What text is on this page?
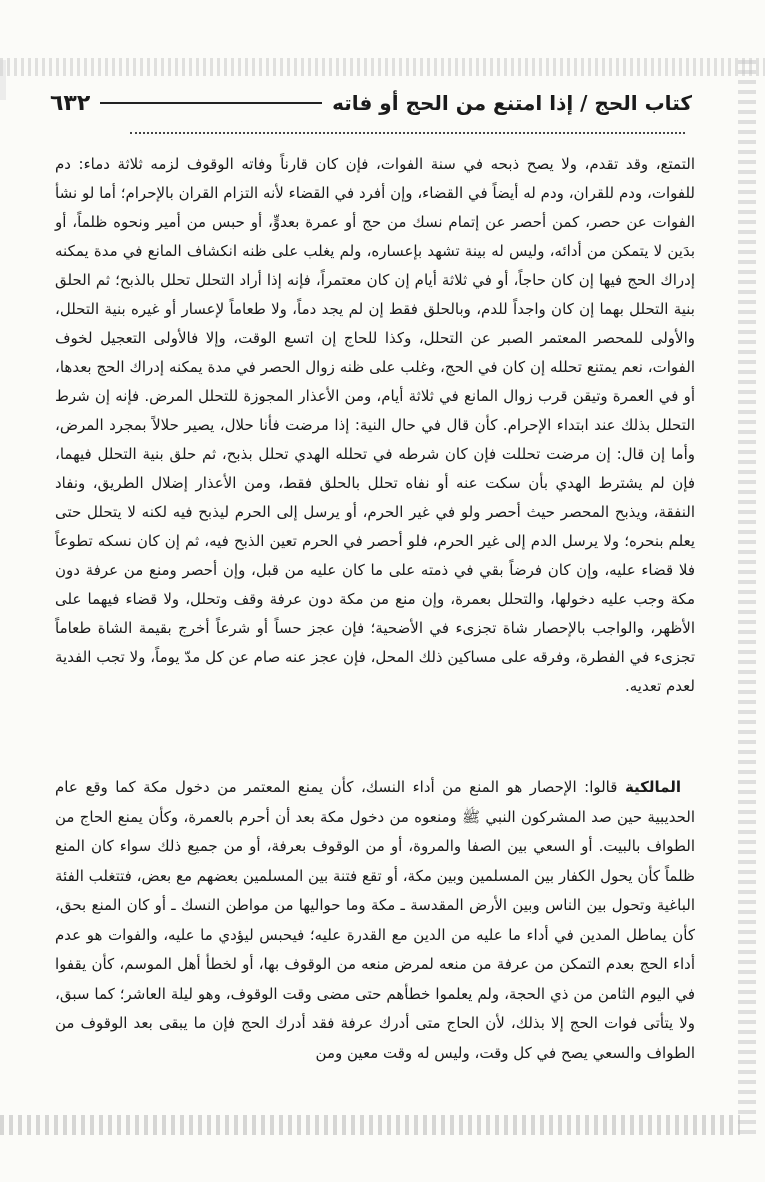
كتاب الحج / إذا امتنع من الحج أو فاته
٦٣٢
التمتع، وقد تقدم، ولا يصح ذبحه في سنة الفوات، فإن كان قارناً وفاته الوقوف لزمه ثلاثة دماء: دم للفوات، ودم للقران، ودم له أيضاً في القضاء، وإن أفرد في القضاء لأنه التزام القران بالإحرام؛ أما لو نشأ الفوات عن حصر، كمن أحصر عن إتمام نسك من حج أو عمرة بعدوٍّ، أو حبس من أمير ونحوه ظلماً، أو بدَين لا يتمكن من أدائه، وليس له بينة تشهد بإعساره، ولم يغلب على ظنه انكشاف المانع في مدة يمكنه إدراك الحج فيها إن كان حاجاً، أو في ثلاثة أيام إن كان معتمراً، فإنه إذا أراد التحلل تحلل بالذبح؛ ثم الحلق بنية التحلل بهما إن كان واجداً للدم، وبالحلق فقط إن لم يجد دماً، ولا طعاماً لإعسار أو غيره بنية التحلل، والأولى للمحصر المعتمر الصبر عن التحلل، وكذا للحاج إن اتسع الوقت، وإلا فالأولى التعجيل لخوف الفوات، نعم يمتنع تحلله إن كان في الحج، وغلب على ظنه زوال الحصر في مدة يمكنه إدراك الحج بعدها، أو في العمرة وتيقن قرب زوال المانع في ثلاثة أيام، ومن الأعذار المجوزة للتحلل المرض. فإنه إن شرط التحلل بذلك عند ابتداء الإحرام. كأن قال في حال النية: إذا مرضت فأنا حلال، يصير حلالاً بمجرد المرض، وأما إن قال: إن مرضت تحللت فإن كان شرطه في تحلله الهدي تحلل بذبح، ثم حلق بنية التحلل فيهما، فإن لم يشترط الهدي بأن سكت عنه أو نفاه تحلل بالحلق فقط، ومن الأعذار إضلال الطريق، ونفاد النفقة، ويذبح المحصر حيث أحصر ولو في غير الحرم، أو يرسل إلى الحرم ليذبح فيه لكنه لا يتحلل حتى يعلم بنحره؛ ولا يرسل الدم إلى غير الحرم، فلو أحصر في الحرم تعين الذبح فيه، ثم إن كان نسكه تطوعاً فلا قضاء عليه، وإن كان فرضاً بقي في ذمته على ما كان عليه من قبل، وإن أحصر ومنع من عرفة دون مكة وجب عليه دخولها، والتحلل بعمرة، وإن منع من مكة دون عرفة وقف وتحلل، ولا قضاء فيهما على الأظهر، والواجب بالإحصار شاة تجزىء في الأضحية؛ فإن عجز حساً أو شرعاً أخرج بقيمة الشاة طعاماً تجزىء في الفطرة، وفرقه على مساكين ذلك المحل، فإن عجز عنه صام عن كل مدّ يوماً، ولا تجب الفدية لعدم تعديه.
المالكية قالوا: الإحصار هو المنع من أداء النسك، كأن يمنع المعتمر من دخول مكة كما وقع عام الحديبية حين صد المشركون النبي ﷺ ومنعوه من دخول مكة بعد أن أحرم بالعمرة، وكأن يمنع الحاج من الطواف بالبيت. أو السعي بين الصفا والمروة، أو من الوقوف بعرفة، أو من جميع ذلك سواء كان المنع ظلماً كأن يحول الكفار بين المسلمين وبين مكة، أو تقع فتنة بين المسلمين بعضهم مع بعض، فتتغلب الفئة الباغية وتحول بين الناس وبين الأرض المقدسة ـ مكة وما حواليها من مواطن النسك ـ أو كان المنع بحق، كأن يماطل المدين في أداء ما عليه من الدين مع القدرة عليه؛ فيحبس ليؤدي ما عليه، والفوات هو عدم أداء الحج بعدم التمكن من عرفة من منعه لمرض منعه من الوقوف بها، أو لخطأ أهل الموسم، كأن يقفوا في اليوم الثامن من ذي الحجة، ولم يعلموا خطأهم حتى مضى وقت الوقوف، وهو ليلة العاشر؛ كما سبق، ولا يتأتى فوات الحج إلا بذلك، لأن الحاج متى أدرك عرفة فقد أدرك الحج فإن ما يبقى بعد الوقوف من الطواف والسعي يصح في كل وقت، وليس له وقت معين ومن
